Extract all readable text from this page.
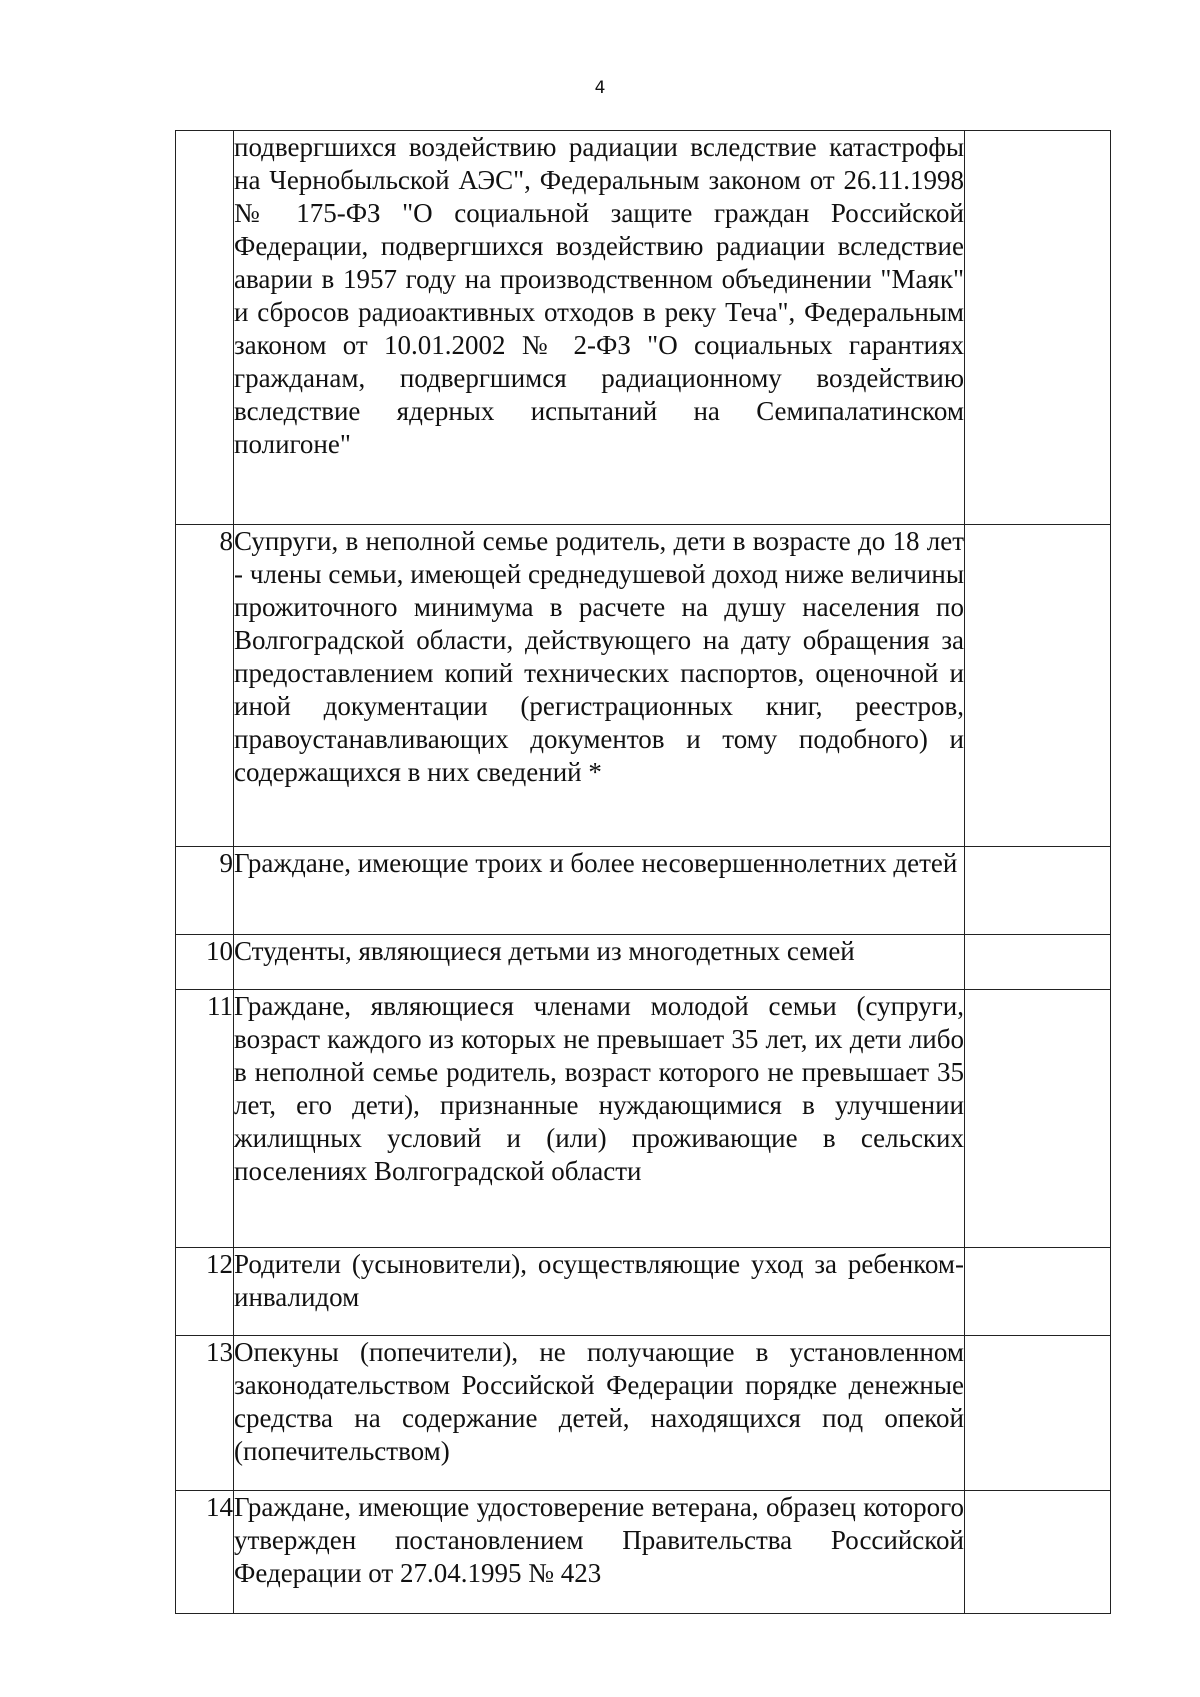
4
	подвергшихся воздействию радиации вследствие катастрофы на Чернобыльской АЭС", Федеральным законом от 26.11.1998 № 175-ФЗ "О социальной защите граждан Российской Федерации, подвергшихся воздействию радиации вследствие аварии в 1957 году на производственном объединении "Маяк" и сбросов радиоактивных отходов в реку Теча", Федеральным законом от 10.01.2002 № 2-ФЗ "О социальных гарантиях гражданам, подвергшимся радиационному воздействию вследствие ядерных испытаний на Семипалатинском полигоне"	
8	Супруги, в неполной семье родитель, дети в возрасте до 18 лет - члены семьи, имеющей среднедушевой доход ниже величины прожиточного минимума в расчете на душу населения по Волгоградской области, действующего на дату обращения за предоставлением копий технических паспортов, оценочной и иной документации (регистрационных книг, реестров, правоустанавливающих документов и тому подобного) и содержащихся в них сведений *	
9	Граждане, имеющие троих и более несовершеннолетних детей	
10	Студенты, являющиеся детьми из многодетных семей	
11	Граждане, являющиеся членами молодой семьи (супруги, возраст каждого из которых не превышает 35 лет, их дети либо в неполной семье родитель, возраст которого не превышает 35 лет, его дети), признанные нуждающимися в улучшении жилищных условий и (или) проживающие в сельских поселениях Волгоградской области	
12	Родители (усыновители), осуществляющие уход за ребенком-инвалидом	
13	Опекуны (попечители), не получающие в установленном законодательством Российской Федерации порядке денежные средства на содержание детей, находящихся под опекой (попечительством)	
14	Граждане, имеющие удостоверение ветерана, образец которого утвержден постановлением Правительства Российской Федерации от 27.04.1995 № 423	
